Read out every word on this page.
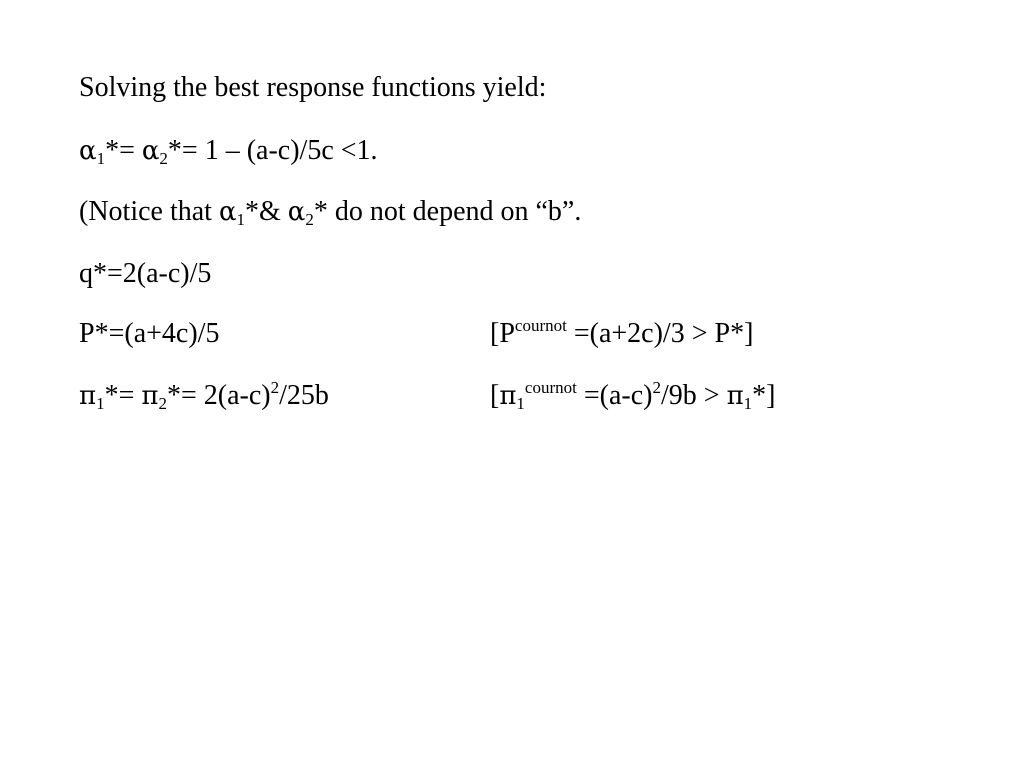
Solving the best response functions yield:
$\alpha_1*= \alpha_2*= 1 - (a-c)/5c <1$.
(Notice that $\alpha_1*\&$ $\alpha_2*$ do not depend on “b”.
q*=2(a-c)/5
P*=(a+4c)/5	$[P^{cournot} =(a+2c)/3 > P*]$
$\pi_1*= \pi_2*= 2(a-c)^2/25b$	$[\pi_1^{cournot} =(a-c)^2/9b > \pi_1*]$
